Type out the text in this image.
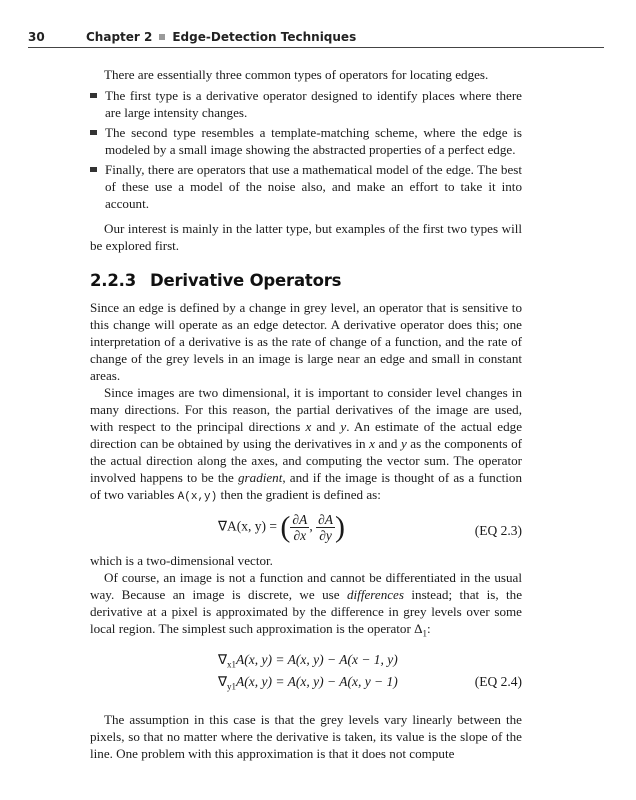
30	Chapter 2 Edge-Detection Techniques

There are essentially three common types of operators for locating edges.

The first type is a derivative operator designed to identify places where there are large intensity changes.
The second type resembles a template-matching scheme, where the edge is modeled by a small image showing the abstracted properties of a perfect edge.
Finally, there are operators that use a mathematical model of the edge. The best of these use a model of the noise also, and make an effort to take it into account.

Our interest is mainly in the latter type, but examples of the first two types will be explored first.

2.2.3 Derivative Operators

Since an edge is defined by a change in grey level, an operator that is sensitive to this change will operate as an edge detector. A derivative operator does this; one interpretation of a derivative is as the rate of change of a function, and the rate of change of the grey levels in an image is large near an edge and small in constant areas.

Since images are two dimensional, it is important to consider level changes in many directions. For this reason, the partial derivatives of the image are used, with respect to the principal directions x and y. An estimate of the actual edge direction can be obtained by using the derivatives in x and y as the components of the actual direction along the axes, and computing the vector sum. The operator involved happens to be the gradient, and if the image is thought of as a function of two variables A(x,y) then the gradient is defined as:

∇A(x, y) = ( $\frac{\partial A}{\partial x}$ , $\frac{\partial A}{\partial y}$ )	(EQ 2.3)

which is a two-dimensional vector.

Of course, an image is not a function and cannot be differentiated in the usual way. Because an image is discrete, we use differences instead; that is, the derivative at a pixel is approximated by the difference in grey levels over some local region. The simplest such approximation is the operator $\Delta_1$:

$\nabla_{x1}A(x$, y) = A(x, y) − A(x − 1, y)
$\nabla_{y1}A(x$, y) = A(x, y) − A(x, y − 1)	(EQ 2.4)

The assumption in this case is that the grey levels vary linearly between the pixels, so that no matter where the derivative is taken, its value is the slope of the line. One problem with this approximation is that it does not compute
